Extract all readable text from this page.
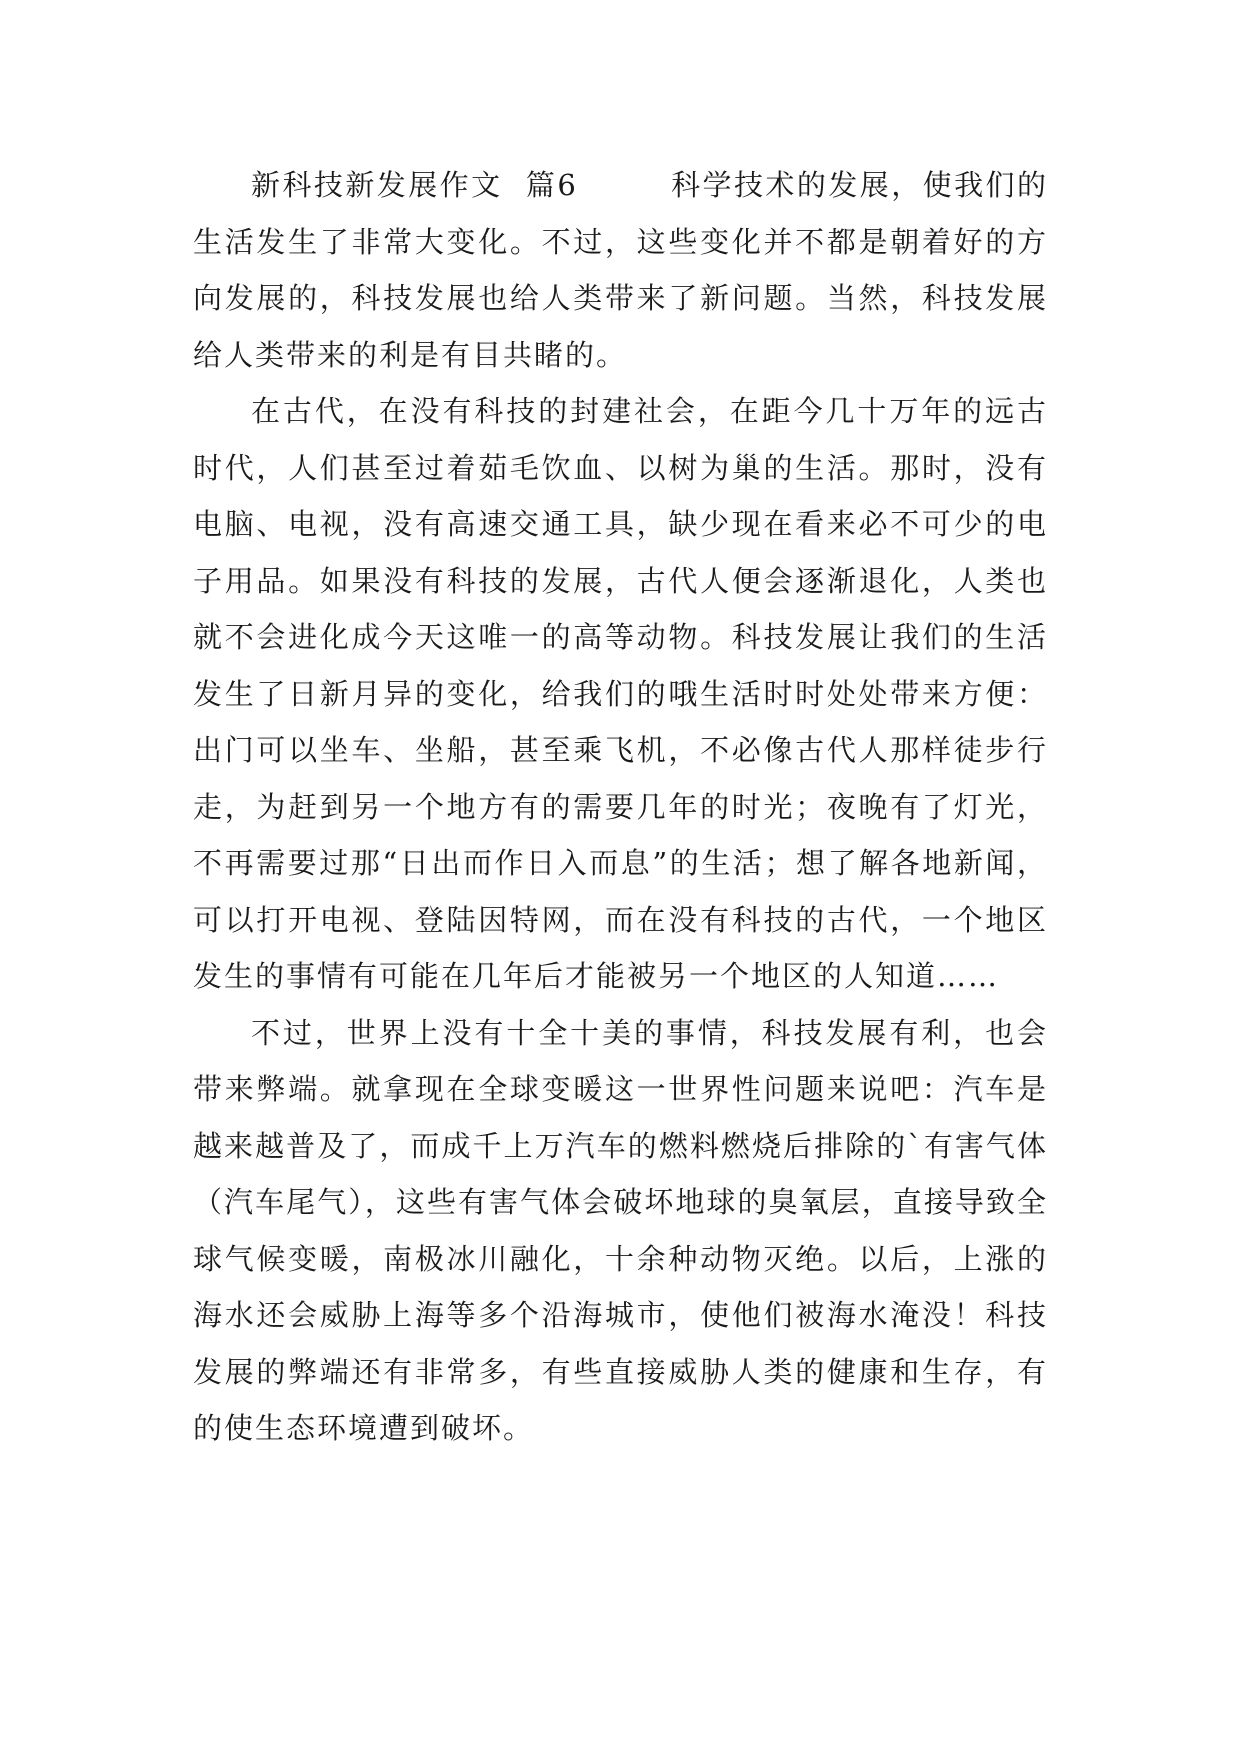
新科技新发展作文  篇6        科学技术的发展，使我们的生活发生了非常大变化。不过，这些变化并不都是朝着好的方向发展的，科技发展也给人类带来了新问题。当然，科技发展给人类带来的利是有目共睹的。

在古代，在没有科技的封建社会，在距今几十万年的远古时代，人们甚至过着茹毛饮血、以树为巢的生活。那时，没有电脑、电视，没有高速交通工具，缺少现在看来必不可少的电子用品。如果没有科技的发展，古代人便会逐渐退化，人类也就不会进化成今天这唯一的高等动物。科技发展让我们的生活发生了日新月异的变化，给我们的哦生活时时处处带来方便：出门可以坐车、坐船，甚至乘飞机，不必像古代人那样徒步行走，为赶到另一个地方有的需要几年的时光；夜晚有了灯光，不再需要过那“日出而作日入而息”的生活；想了解各地新闻，可以打开电视、登陆因特网，而在没有科技的古代，一个地区发生的事情有可能在几年后才能被另一个地区的人知道……

不过，世界上没有十全十美的事情，科技发展有利，也会带来弊端。就拿现在全球变暖这一世界性问题来说吧：汽车是越来越普及了，而成千上万汽车的燃料燃烧后排除的`有害气体（汽车尾气），这些有害气体会破坏地球的臭氧层，直接导致全球气候变暖，南极冰川融化，十余种动物灭绝。以后，上涨的海水还会威胁上海等多个沿海城市，使他们被海水淹没！科技发展的弊端还有非常多，有些直接威胁人类的健康和生存，有的使生态环境遭到破坏。
